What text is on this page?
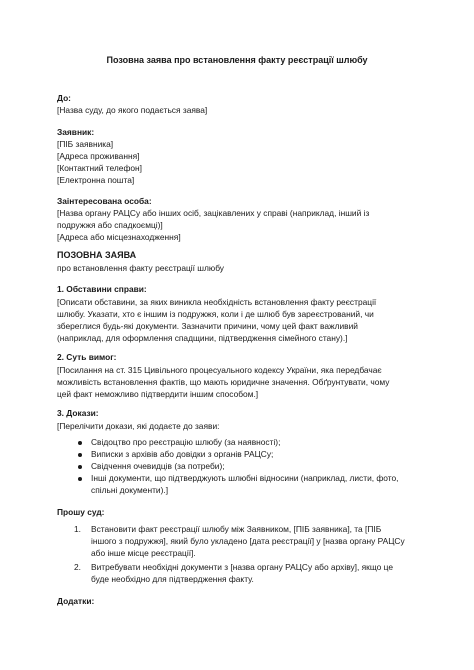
Позовна заява про встановлення факту реєстрації шлюбу
До:
[Назва суду, до якого подається заява]
Заявник:
[ПІБ заявника]
[Адреса проживання]
[Контактний телефон]
[Електронна пошта]
Заінтересована особа:
[Назва органу РАЦСу або інших осіб, зацікавлених у справі (наприклад, інший із
подружжя або спадкоємці)]
[Адреса або місцезнаходження]
ПОЗОВНА ЗАЯВА
про встановлення факту реєстрації шлюбу
1. Обставини справи:
[Описати обставини, за яких виникла необхідність встановлення факту реєстрації
шлюбу. Указати, хто є іншим із подружжя, коли і де шлюб був зареєстрований, чи
збереглися будь-які документи. Зазначити причини, чому цей факт важливий
(наприклад, для оформлення спадщини, підтвердження сімейного стану).]
2. Суть вимог:
[Посилання на ст. 315 Цивільного процесуального кодексу України, яка передбачає
можливість встановлення фактів, що мають юридичне значення. Обґрунтувати, чому
цей факт неможливо підтвердити іншим способом.]
3. Докази:
[Перелічити докази, які додаєте до заяви:
Свідоцтво про реєстрацію шлюбу (за наявності);
Виписки з архівів або довідки з органів РАЦСу;
Свідчення очевидців (за потреби);
Інші документи, що підтверджують шлюбні відносини (наприклад, листи, фото,
спільні документи).]
Прошу суд:
1. Встановити факт реєстрації шлюбу між Заявником, [ПІБ заявника], та [ПІБ
іншого з подружжя], який було укладено [дата реєстрації] у [назва органу РАЦСу
або інше місце реєстрації].
2. Витребувати необхідні документи з [назва органу РАЦСу або архіву], якщо це
буде необхідно для підтвердження факту.
Додатки:
